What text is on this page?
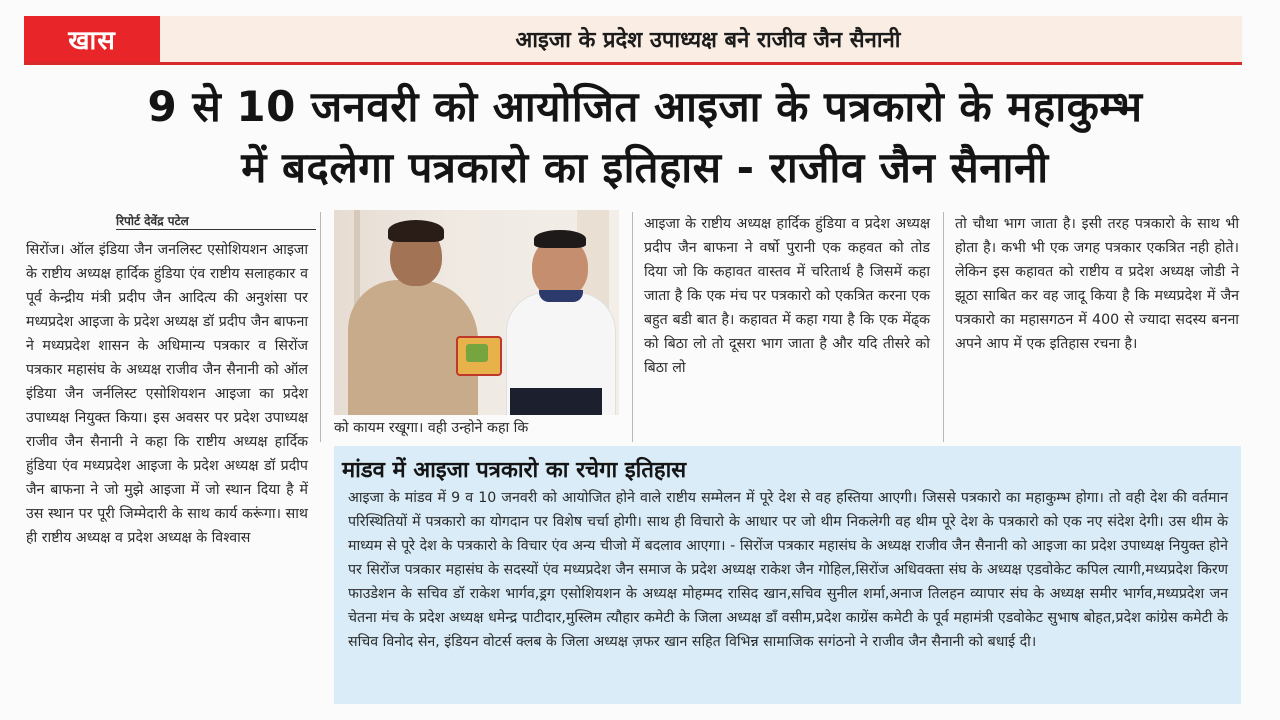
खास	आइजा के प्रदेश उपाध्यक्ष बने राजीव जैन सैनानी
9 से 10 जनवरी को आयोजित आइजा के पत्रकारो के महाकुम्भ
में बदलेगा पत्रकारो का इतिहास - राजीव जैन सैनानी
रिपोर्ट देवेंद्र पटेल
सिरोंज। ऑल इंडिया जैन जनलिस्ट एसोशियशन आइजा के राष्टीय अध्यक्ष हार्दिक हुंडिया एंव राष्टीय सलाहकार व पूर्व केन्द्रीय मंत्री प्रदीप जैन आदित्य की अनुशंसा पर मध्यप्रदेश आइजा के प्रदेश अध्यक्ष डॉ प्रदीप जैन बाफना ने मध्यप्रदेश शासन के अधिमान्य पत्रकार व सिरोंज पत्रकार महासंघ के अध्यक्ष राजीव जैन सैनानी को ऑल इंडिया जैन जर्नलिस्ट एसोशियशन आइजा का प्रदेश उपाध्यक्ष नियुक्त किया। इस अवसर पर प्रदेश उपाध्यक्ष राजीव जैन सैनानी ने कहा कि राष्टीय अध्यक्ष हार्दिक हुंडिया एंव मध्यप्रदेश आइजा के प्रदेश अध्यक्ष डॉ प्रदीप जैन बाफना ने जो मुझे आइजा में जो स्थान दिया है में उस स्थान पर पूरी जिम्मेदारी के साथ कार्य करूंगा। साथ ही राष्टीय अध्यक्ष व प्रदेश अध्यक्ष के विश्वास
को कायम रखूगा। वही उन्होने कहा कि
आइजा के राष्टीय अध्यक्ष हार्दिक हुंडिया व प्रदेश अध्यक्ष प्रदीप जैन बाफना ने वर्षो पुरानी एक कहवत को तोड दिया जो कि कहावत वास्तव में चरितार्थ है जिसमें कहा जाता है कि एक मंच पर पत्रकारो को एकत्रित करना एक बहुत बडी बात है। कहावत में कहा गया है कि एक मेंढ्क को बिठा लो तो दूसरा भाग जाता है और यदि तीसरे को बिठा लो
तो चौथा भाग जाता है। इसी तरह पत्रकारो के साथ भी होता है। कभी भी एक जगह पत्रकार एकत्रित नही होते। लेकिन इस कहावत को राष्टीय व प्रदेश अध्यक्ष जोडी ने झूठा साबित कर वह जादू किया है कि मध्यप्रदेश में जैन पत्रकारो का महासगठन में 400 से ज्यादा सदस्य बनना अपने आप में एक इतिहास रचना है।
मांडव में आइजा पत्रकारो का रचेगा इतिहास
आइजा के मांडव में 9 व 10 जनवरी को आयोजित होने वाले राष्टीय सम्मेलन में पूरे देश से वह हस्तिया आएगी। जिससे पत्रकारो का महाकुम्भ होगा। तो वही देश की वर्तमान परिस्थितियों में पत्रकारो का योगदान पर विशेष चर्चा होगी। साथ ही विचारो के आधार पर जो थीम निकलेगी वह थीम पूरे देश के पत्रकारो को एक नए संदेश देगी। उस थीम के माध्यम से पूरे देश के पत्रकारो के विचार एंव अन्य चीजो में बदलाव आएगा। - सिरोंज पत्रकार महासंघ के अध्यक्ष राजीव जैन सैनानी को आइजा का प्रदेश उपाध्यक्ष नियुक्त होने पर सिरोंज पत्रकार महासंघ के सदस्यों एंव मध्यप्रदेश जैन समाज के प्रदेश अध्यक्ष राकेश जैन गोहिल,सिरोंज अधिवक्ता संघ के अध्यक्ष एडवोकेट कपिल त्यागी,मध्यप्रदेश किरण फाउडेशन के सचिव डॉ राकेश भार्गव,ड्रग एसोशियशन के अध्यक्ष मोहम्मद रासिद खान,सचिव सुनील शर्मा,अनाज तिलहन व्यापार संघ के अध्यक्ष समीर भार्गव,मध्यप्रदेश जन चेतना मंच के प्रदेश अध्यक्ष धमेन्द्र पाटीदार,मुस्लिम त्यौहार कमेटी के जिला अध्यक्ष डॉं वसीम,प्रदेश काग्रेंस कमेटी के पूर्व महामंत्री एडवोकेट सुभाष बोहत,प्रदेश कांग्रेस कमेटी के सचिव विनोद सेन, इंडियन वोटर्स क्लब के जिला अध्यक्ष ज़फर खान सहित विभिन्न सामाजिक सगंठनो ने राजीव जैन सैनानी को बधाई दी।
